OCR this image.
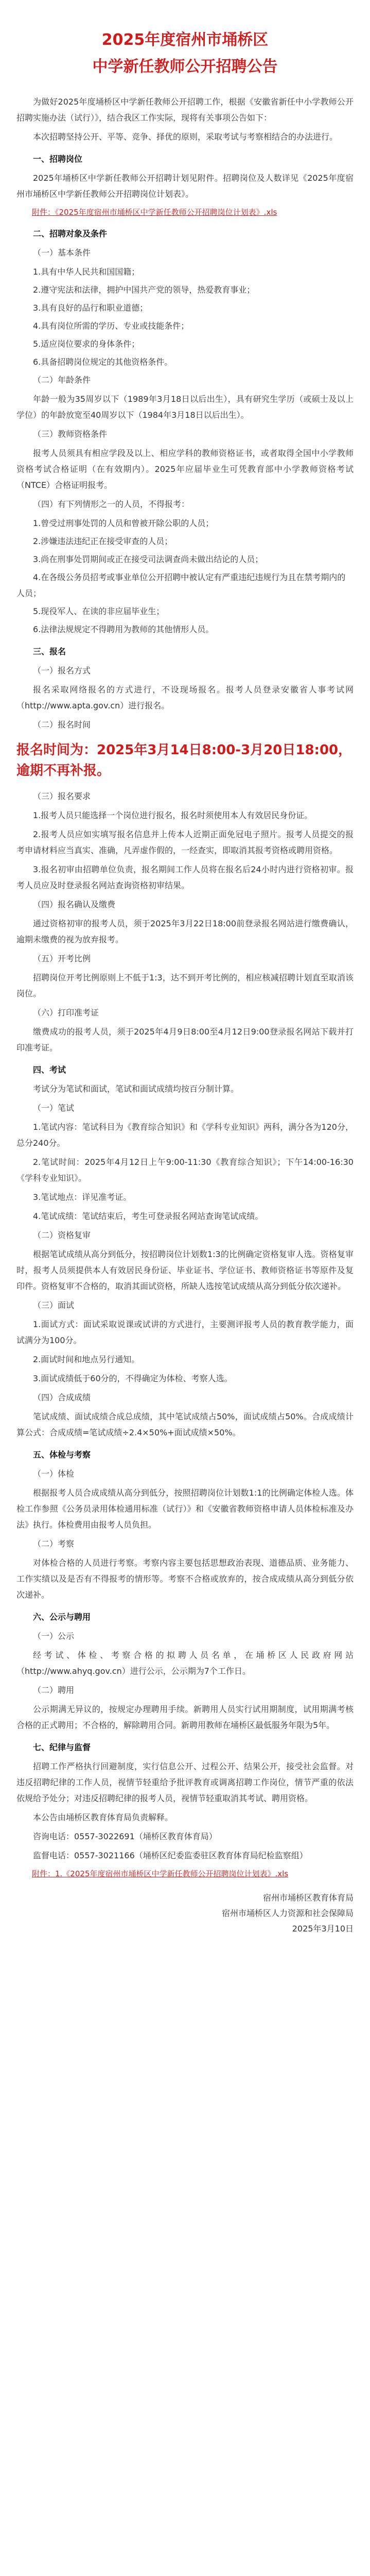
2025年度宿州市埇桥区
中学新任教师公开招聘公告

为做好2025年度埇桥区中学新任教师公开招聘工作，根据《安徽省新任中小学教师公开招聘实施办法（试行）》，结合我区工作实际，现将有关事项公告如下：

本次招聘坚持公开、平等、竞争、择优的原则，采取考试与考察相结合的办法进行。

一、招聘岗位

2025年埇桥区中学新任教师公开招聘计划见附件。招聘岗位及人数详见《2025年度宿州市埇桥区中学新任教师公开招聘岗位计划表》。

附件：《2025年度宿州市埇桥区中学新任教师公开招聘岗位计划表》.xls
二、招聘对象及条件

（一）基本条件

1.具有中华人民共和国国籍；

2.遵守宪法和法律，拥护中国共产党的领导，热爱教育事业；

3.具有良好的品行和职业道德；

4.具有岗位所需的学历、专业或技能条件；

5.适应岗位要求的身体条件；

6.具备招聘岗位规定的其他资格条件。

（二）年龄条件

年龄一般为35周岁以下（1989年3月18日以后出生），具有研究生学历（或硕士及以上学位）的年龄放宽至40周岁以下（1984年3月18日以后出生）。

（三）教师资格条件

报考人员须具有相应学段及以上、相应学科的教师资格证书，或者取得全国中小学教师资格考试合格证明（在有效期内）。2025年应届毕业生可凭教育部中小学教师资格考试（NTCE）合格证明报考。

（四）有下列情形之一的人员，不得报考：

1.曾受过刑事处罚的人员和曾被开除公职的人员；

2.涉嫌违法违纪正在接受审查的人员；

3.尚在刑事处罚期间或正在接受司法调查尚未做出结论的人员；

4.在各级公务员招考或事业单位公开招聘中被认定有严重违纪违规行为且在禁考期内的人员；

5.现役军人、在读的非应届毕业生；

6.法律法规规定不得聘用为教师的其他情形人员。

三、报名

（一）报名方式

报名采取网络报名的方式进行，不设现场报名。报考人员登录安徽省人事考试网（http://www.apta.gov.cn）进行报名。

（二）报名时间

报名时间为：2025年3月14日8:00-3月20日18:00，逾期不再补报。

（三）报名要求

1.报考人员只能选择一个岗位进行报名，报名时须使用本人有效居民身份证。

2.报考人员应如实填写报名信息并上传本人近期正面免冠电子照片。报考人员提交的报考申请材料应当真实、准确，凡弄虚作假的，一经查实，即取消其报考资格或聘用资格。

3.报名初审由招聘单位负责，报名期间工作人员将在报名后24小时内进行资格初审。报考人员应及时登录报名网站查询资格初审结果。

（四）报名确认及缴费

通过资格初审的报考人员，须于2025年3月22日18:00前登录报名网站进行缴费确认，逾期未缴费的视为放弃报考。

（五）开考比例

招聘岗位开考比例原则上不低于1:3，达不到开考比例的，相应核减招聘计划直至取消该岗位。

（六）打印准考证

缴费成功的报考人员，须于2025年4月9日8:00至4月12日9:00登录报名网站下载并打印准考证。

四、考试

考试分为笔试和面试，笔试和面试成绩均按百分制计算。

（一）笔试

1.笔试内容：笔试科目为《教育综合知识》和《学科专业知识》两科，满分各为120分，总分240分。

2.笔试时间：2025年4月12日上午9:00-11:30《教育综合知识》；下午14:00-16:30《学科专业知识》。

3.笔试地点：详见准考证。

4.笔试成绩：笔试结束后，考生可登录报名网站查询笔试成绩。

（二）资格复审

根据笔试成绩从高分到低分，按招聘岗位计划数1:3的比例确定资格复审人选。资格复审时，报考人员须提供本人有效居民身份证、毕业证书、学位证书、教师资格证书等原件及复印件。资格复审不合格的，取消其面试资格，所缺人选按笔试成绩从高分到低分依次递补。

（三）面试

1.面试方式：面试采取说课或试讲的方式进行，主要测评报考人员的教育教学能力，面试满分为100分。

2.面试时间和地点另行通知。

3.面试成绩低于60分的，不得确定为体检、考察人选。

（四）合成成绩

笔试成绩、面试成绩合成总成绩，其中笔试成绩占50%，面试成绩占50%。合成成绩计算公式：合成成绩=笔试成绩÷2.4×50%+面试成绩×50%。

五、体检与考察

（一）体检

根据报考人员合成成绩从高分到低分，按照招聘岗位计划数1:1的比例确定体检人选。体检工作参照《公务员录用体检通用标准（试行）》和《安徽省教师资格申请人员体检标准及办法》执行。体检费用由报考人员负担。

（二）考察

对体检合格的人员进行考察。考察内容主要包括思想政治表现、道德品质、业务能力、工作实绩以及是否有不得报考的情形等。考察不合格或放弃的，按合成成绩从高分到低分依次递补。

六、公示与聘用

（一）公示

经考试、体检、考察合格的拟聘人员名单，在埇桥区人民政府网站（http://www.ahyq.gov.cn）进行公示，公示期为7个工作日。

（二）聘用

公示期满无异议的，按规定办理聘用手续。新聘用人员实行试用期制度，试用期满考核合格的正式聘用；不合格的，解除聘用合同。新聘用教师在埇桥区最低服务年限为5年。

七、纪律与监督

招聘工作严格执行回避制度，实行信息公开、过程公开、结果公开，接受社会监督。对违反招聘纪律的工作人员，视情节轻重给予批评教育或调离招聘工作岗位，情节严重的依法依规给予处分；对违反招聘纪律的报考人员，视情节轻重取消其考试、聘用资格。

本公告由埇桥区教育体育局负责解释。

咨询电话：0557-3022691（埇桥区教育体育局）

监督电话：0557-3021166（埇桥区纪委监委驻区教育体育局纪检监察组）

附件：1.《2025年度宿州市埇桥区中学新任教师公开招聘岗位计划表》.xls
宿州市埇桥区教育体育局
宿州市埇桥区人力资源和社会保障局
2025年3月10日
